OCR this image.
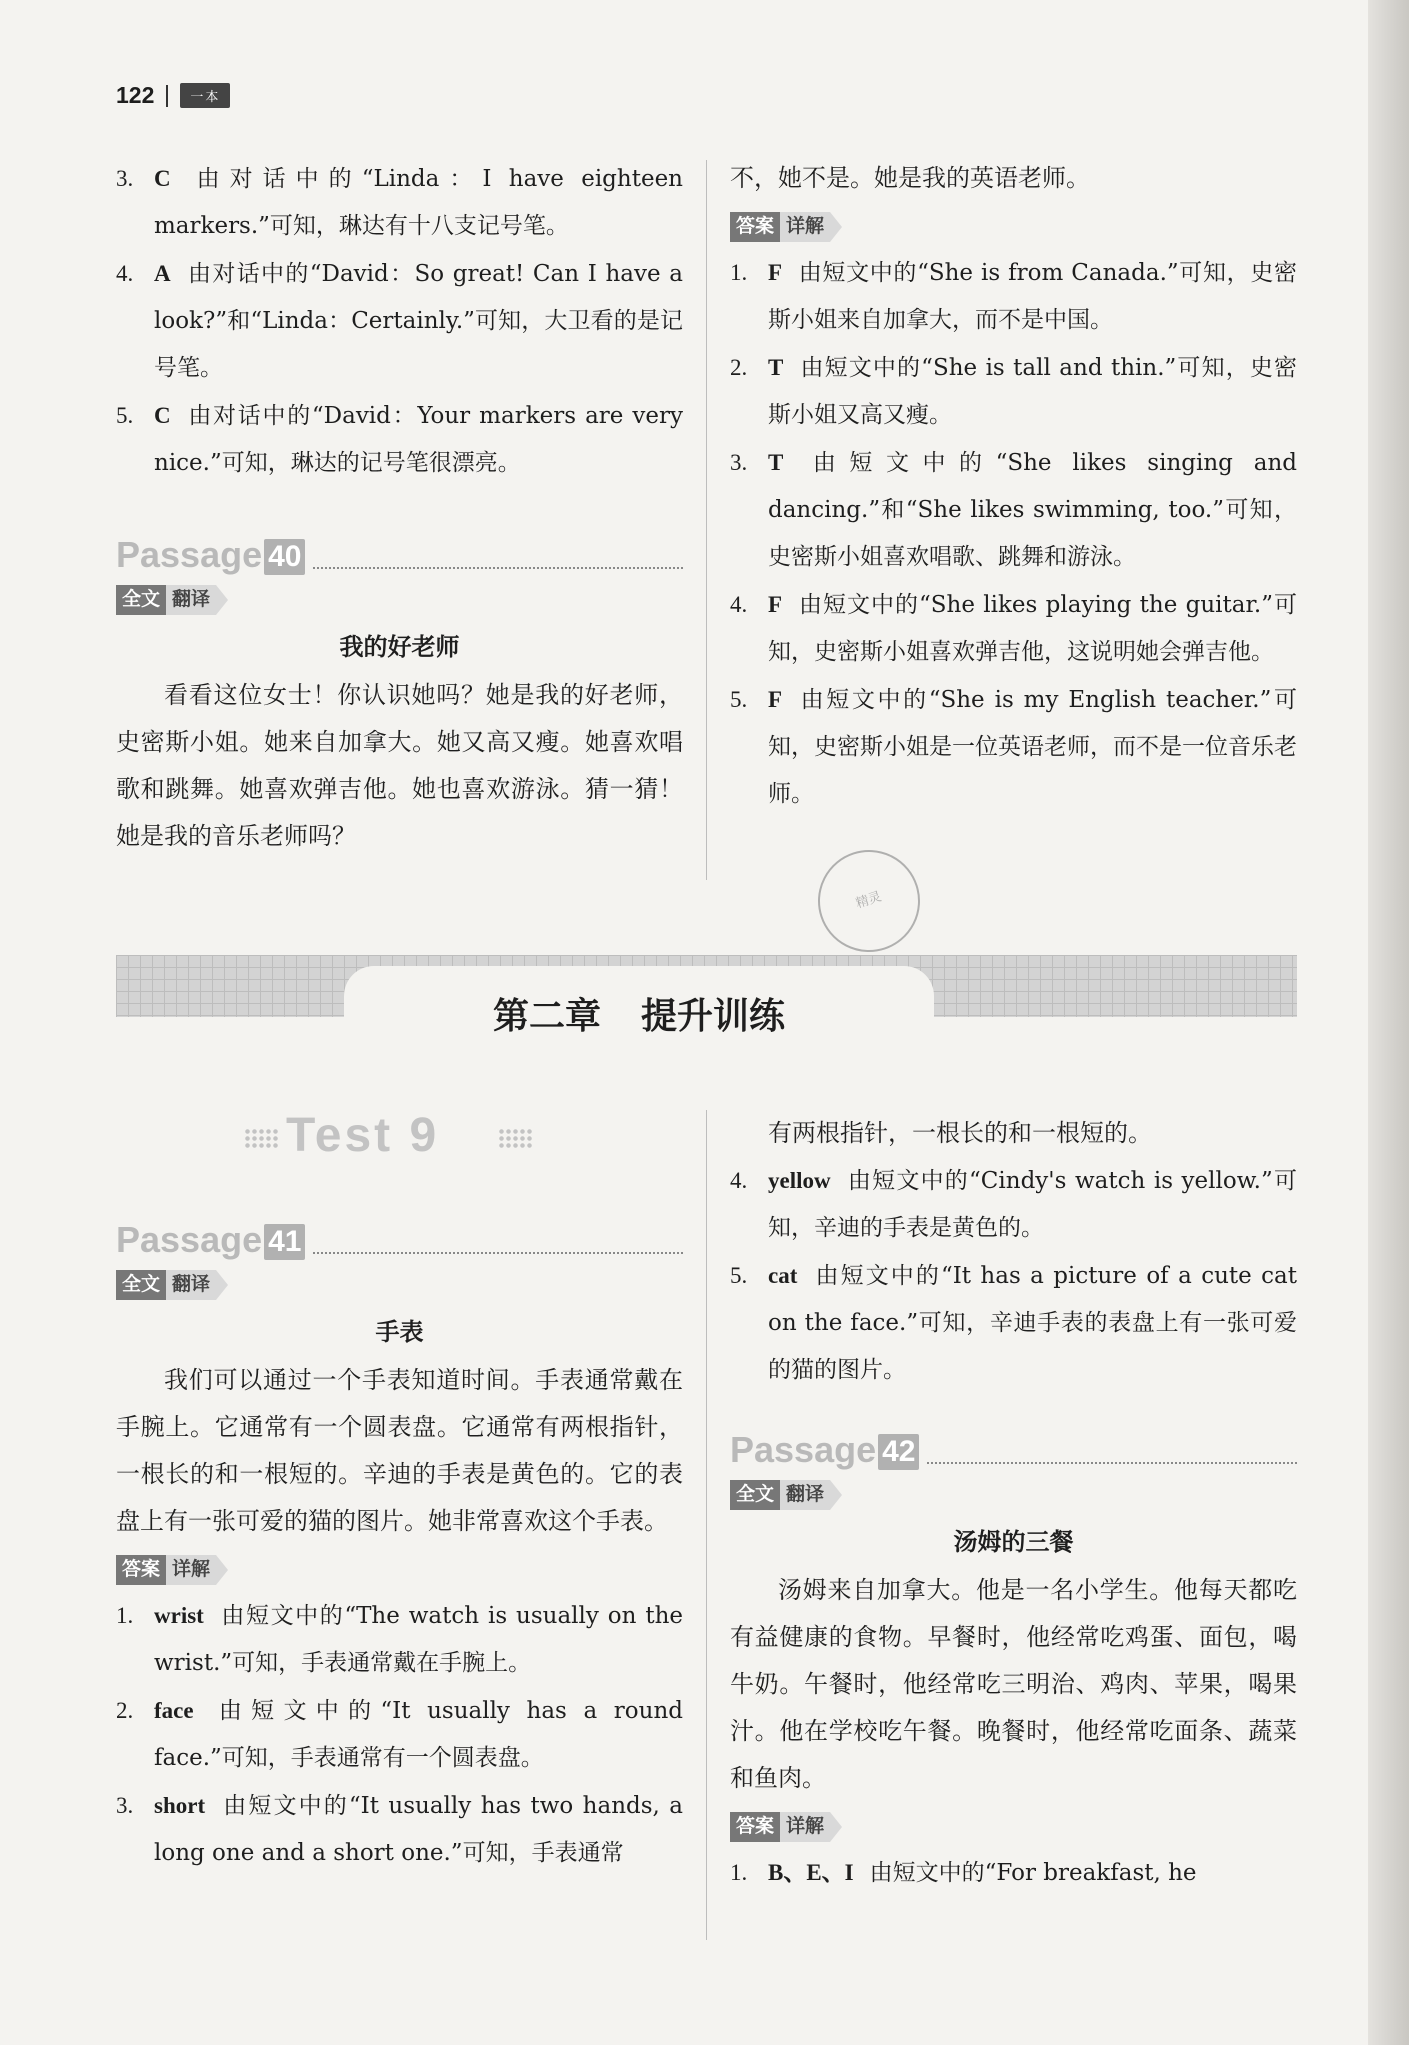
122	一本
3. C 由对话中的“Linda：I have eighteen markers.”可知，琳达有十八支记号笔。
4. A 由对话中的“David：So great! Can I have a look?”和“Linda：Certainly.”可知，大卫看的是记号笔。
5. C 由对话中的“David：Your markers are very nice.”可知，琳达的记号笔很漂亮。
Passage 40
全文 翻译
我的好老师
看看这位女士！你认识她吗？她是我的好老师，史密斯小姐。她来自加拿大。她又高又瘦。她喜欢唱歌和跳舞。她喜欢弹吉他。她也喜欢游泳。猜一猜！她是我的音乐老师吗？
不，她不是。她是我的英语老师。
答案 详解
1. F 由短文中的“She is from Canada.”可知，史密斯小姐来自加拿大，而不是中国。
2. T 由短文中的“She is tall and thin.”可知，史密斯小姐又高又瘦。
3. T 由短文中的“She likes singing and dancing.”和“She likes swimming, too.”可知，史密斯小姐喜欢唱歌、跳舞和游泳。
4. F 由短文中的“She likes playing the guitar.”可知，史密斯小姐喜欢弹吉他，这说明她会弹吉他。
5. F 由短文中的“She is my English teacher.”可知，史密斯小姐是一位英语老师，而不是一位音乐老师。
精灵
第二章 提升训练
Test 9
Passage 41
全文 翻译
手表
我们可以通过一个手表知道时间。手表通常戴在手腕上。它通常有一个圆表盘。它通常有两根指针，一根长的和一根短的。辛迪的手表是黄色的。它的表盘上有一张可爱的猫的图片。她非常喜欢这个手表。
答案 详解
1. wrist 由短文中的“The watch is usually on the wrist.”可知，手表通常戴在手腕上。
2. face 由短文中的“It usually has a round face.”可知，手表通常有一个圆表盘。
3. short 由短文中的“It usually has two hands, a long one and a short one.”可知，手表通常
有两根指针，一根长的和一根短的。
4. yellow 由短文中的“Cindy's watch is yellow.”可知，辛迪的手表是黄色的。
5. cat 由短文中的“It has a picture of a cute cat on the face.”可知，辛迪手表的表盘上有一张可爱的猫的图片。
Passage 42
全文 翻译
汤姆的三餐
汤姆来自加拿大。他是一名小学生。他每天都吃有益健康的食物。早餐时，他经常吃鸡蛋、面包，喝牛奶。午餐时，他经常吃三明治、鸡肉、苹果，喝果汁。他在学校吃午餐。晚餐时，他经常吃面条、蔬菜和鱼肉。
答案 详解
1. B、E、I 由短文中的“For breakfast, he
